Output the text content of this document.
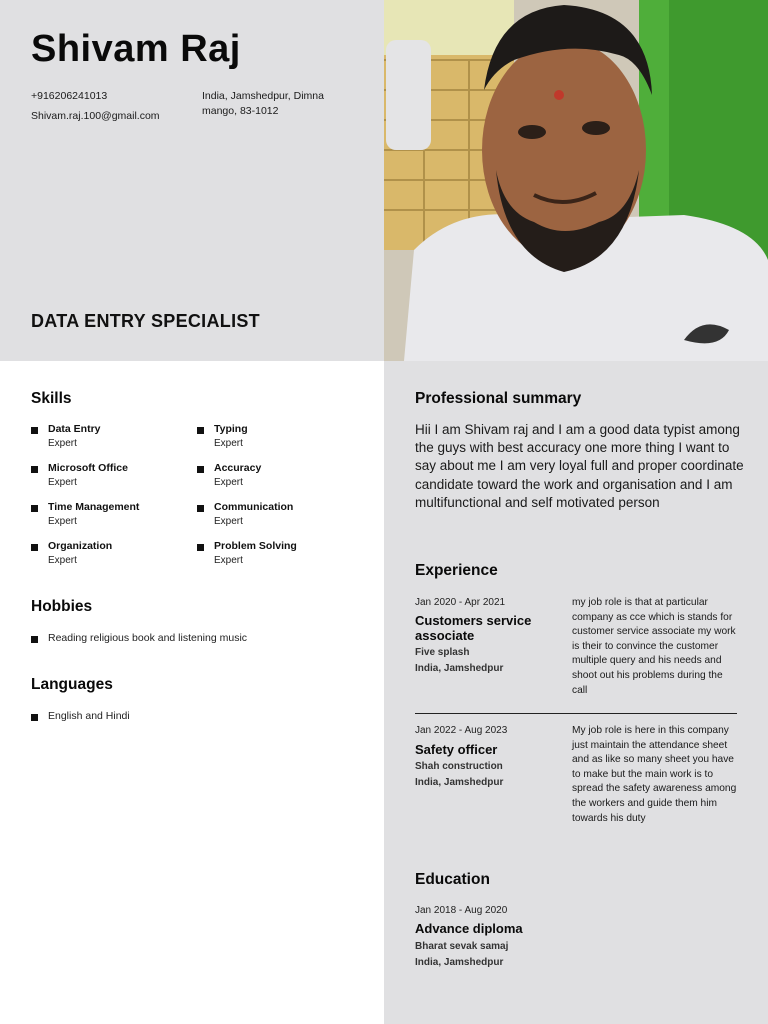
Shivam Raj
+916206241013
Shivam.raj.100@gmail.com
India, Jamshedpur, Dimna mango, 83-1012
DATA ENTRY SPECIALIST
Skills
Data Entry
Expert
Typing
Expert
Microsoft Office
Expert
Accuracy
Expert
Time Management
Expert
Communication
Expert
Organization
Expert
Problem Solving
Expert
Hobbies
Reading religious book and listening music
Languages
English and Hindi
Professional summary
Hii I am Shivam raj and I am a good data typist among the guys with best accuracy one more thing I want to say about me I am very loyal full and proper coordinate candidate toward the work and organisation and I am multifunctional and self motivated person
Experience
Jan 2020 - Apr 2021
Customers service associate
Five splash
India, Jamshedpur
my job role is that at particular company as cce which is stands for customer service associate my work is their to convince the customer multiple query and his needs and shoot out his problems during the call
Jan 2022 - Aug 2023
Safety officer
Shah construction
India, Jamshedpur
My job role is here in this company just maintain the attendance sheet and as like so many sheet you have to make but the main work is to spread the safety awareness among the workers and guide them him towards his duty
Education
Jan 2018 - Aug 2020
Advance diploma
Bharat sevak samaj
India, Jamshedpur
